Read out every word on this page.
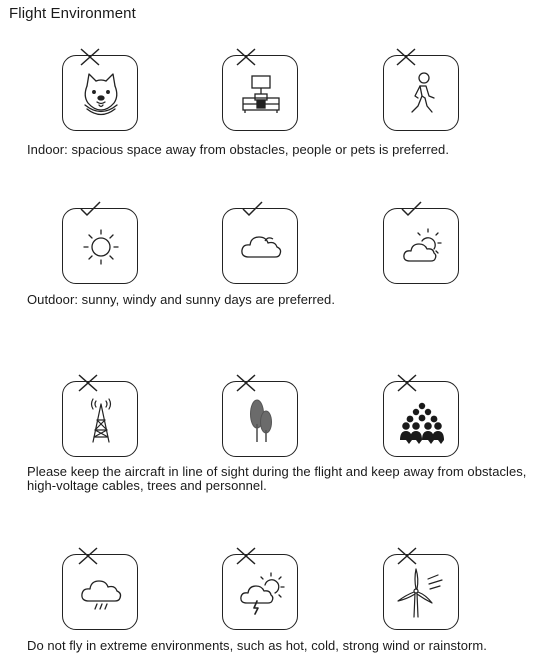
Flight Environment
Indoor: spacious space away from obstacles, people or pets is preferred.
Outdoor: sunny, windy and sunny days are preferred.
Please keep the aircraft in line of sight during the flight and keep away from obstacles, high-voltage cables, trees and personnel.
Do not fly in extreme environments, such as hot, cold, strong wind or rainstorm.
